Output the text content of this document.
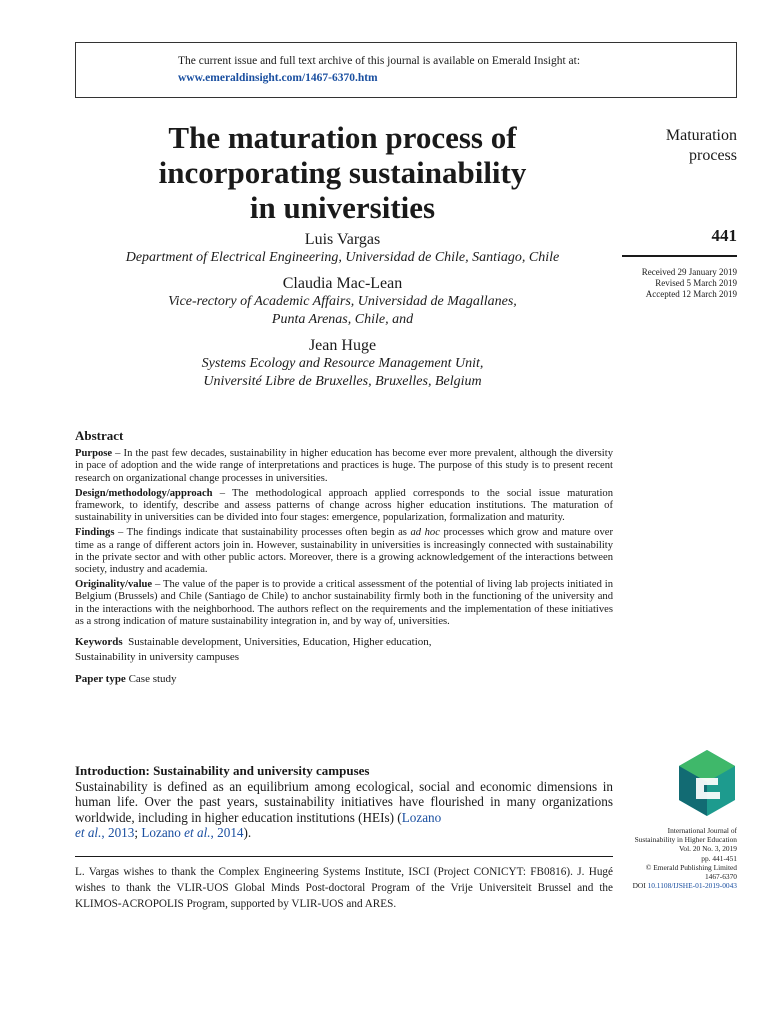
The current issue and full text archive of this journal is available on Emerald Insight at:
www.emeraldinsight.com/1467-6370.htm
The maturation process of
incorporating sustainability
in universities
Luis Vargas
Department of Electrical Engineering, Universidad de Chile, Santiago, Chile
Claudia Mac-Lean
Vice-rectory of Academic Affairs, Universidad de Magallanes,
Punta Arenas, Chile, and
Jean Huge
Systems Ecology and Resource Management Unit,
Université Libre de Bruxelles, Bruxelles, Belgium
Maturation
process
441
Received 29 January 2019
Revised 5 March 2019
Accepted 12 March 2019
Abstract

Purpose – In the past few decades, sustainability in higher education has become ever more prevalent, although the diversity in pace of adoption and the wide range of interpretations and practices is huge. The purpose of this study is to present recent research on organizational change processes in universities.

Design/methodology/approach – The methodological approach applied corresponds to the social issue maturation framework, to identify, describe and assess patterns of change across higher education institutions. The maturation of sustainability in universities can be divided into four stages: emergence, popularization, formalization and maturity.

Findings – The findings indicate that sustainability processes often begin as ad hoc processes which grow and mature over time as a range of different actors join in. However, sustainability in universities is increasingly connected with sustainability in the private sector and with other public actors. Moreover, there is a growing acknowledgement of the interactions between society, industry and academia.

Originality/value – The value of the paper is to provide a critical assessment of the potential of living lab projects initiated in Belgium (Brussels) and Chile (Santiago de Chile) to anchor sustainability firmly both in the functioning of the university and in the interactions with the neighborhood. The authors reflect on the requirements and the implementation of these initiatives as a strong indication of mature sustainability integration in, and by way of, universities.

Keywords Sustainable development, Universities, Education, Higher education,
Sustainability in university campuses

Paper type Case study

Introduction: Sustainability and university campuses

Sustainability is defined as an equilibrium among ecological, social and economic dimensions in human life. Over the past years, sustainability initiatives have flourished in many organizations worldwide, including in higher education institutions (HEIs) (Lozano
et al., 2013; Lozano et al., 2014).

L. Vargas wishes to thank the Complex Engineering Systems Institute, ISCI (Project CONICYT: FB0816). J. Hugé wishes to thank the VLIR-UOS Global Minds Post-doctoral Program of the Vrije Universiteit Brussel and the KLIMOS-ACROPOLIS Program, supported by VLIR-UOS and ARES.

International Journal of
Sustainability in Higher Education
Vol. 20 No. 3, 2019
pp. 441-451
© Emerald Publishing Limited
1467-6370
DOI 10.1108/IJSHE-01-2019-0043
